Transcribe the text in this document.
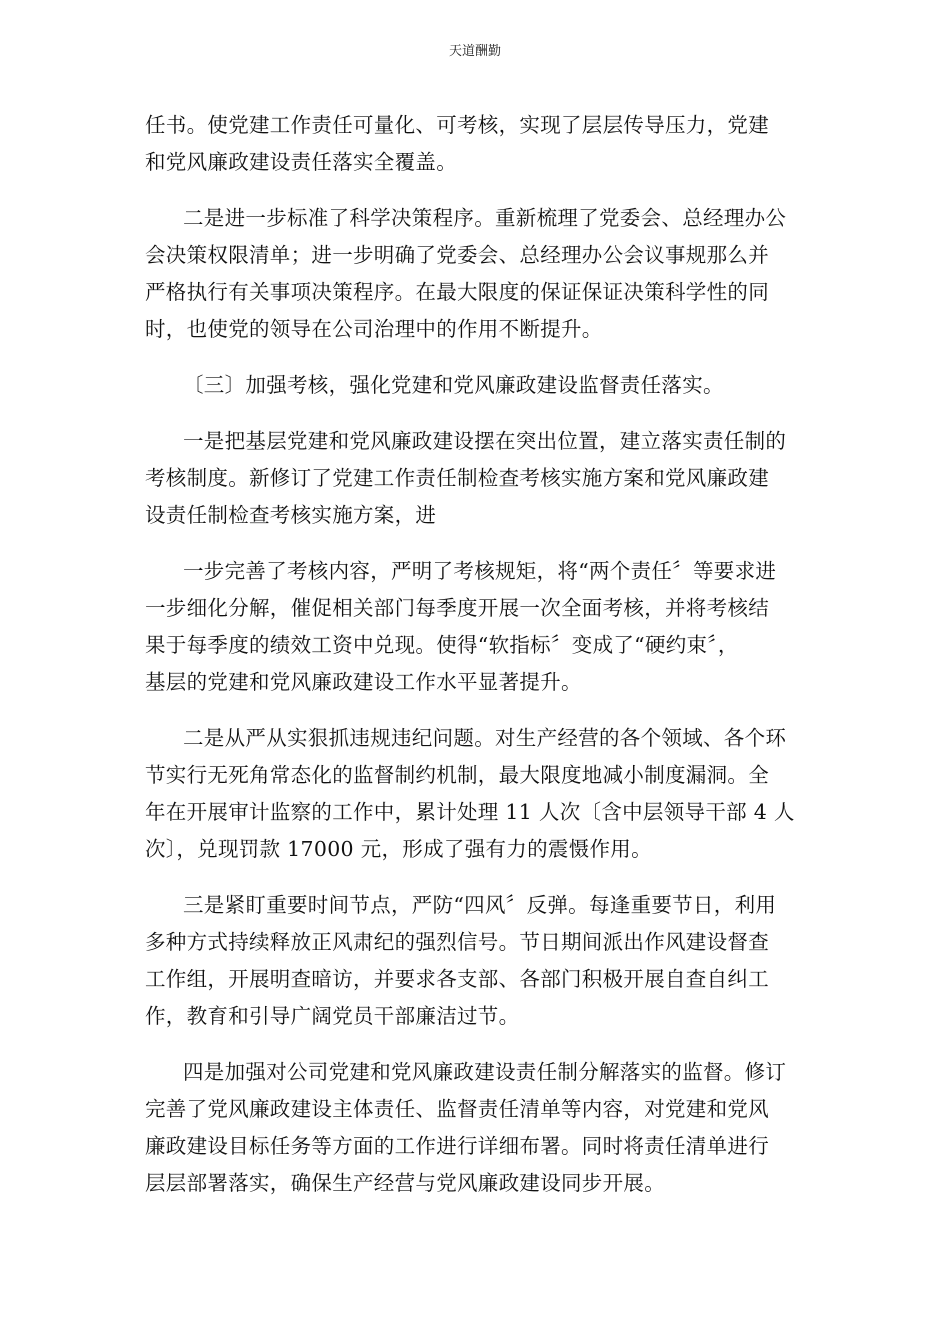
天道酬勤
任书。使党建工作责任可量化、可考核，实现了层层传导压力，党建
和党风廉政建设责任落实全覆盖。
二是进一步标准了科学决策程序。重新梳理了党委会、总经理办公
会决策权限清单；进一步明确了党委会、总经理办公会议事规那么并
严格执行有关事项决策程序。在最大限度的保证保证决策科学性的同
时，也使党的领导在公司治理中的作用不断提升。
〔三〕加强考核，强化党建和党风廉政建设监督责任落实。
一是把基层党建和党风廉政建设摆在突出位置，建立落实责任制的
考核制度。新修订了党建工作责任制检查考核实施方案和党风廉政建
设责任制检查考核实施方案，进
一步完善了考核内容，严明了考核规矩，将“两个责任〞等要求进
一步细化分解，催促相关部门每季度开展一次全面考核，并将考核结
果于每季度的绩效工资中兑现。使得“软指标〞变成了“硬约束〞，
基层的党建和党风廉政建设工作水平显著提升。
二是从严从实狠抓违规违纪问题。对生产经营的各个领域、各个环
节实行无死角常态化的监督制约机制，最大限度地减小制度漏洞。全
年在开展审计监察的工作中，累计处理 11 人次〔含中层领导干部 4 人
次〕，兑现罚款 17000 元，形成了强有力的震慑作用。
三是紧盯重要时间节点，严防“四风〞反弹。每逢重要节日，利用
多种方式持续释放正风肃纪的强烈信号。节日期间派出作风建设督查
工作组，开展明查暗访，并要求各支部、各部门积极开展自查自纠工
作，教育和引导广阔党员干部廉洁过节。
四是加强对公司党建和党风廉政建设责任制分解落实的监督。修订
完善了党风廉政建设主体责任、监督责任清单等内容，对党建和党风
廉政建设目标任务等方面的工作进行详细布署。同时将责任清单进行
层层部署落实，确保生产经营与党风廉政建设同步开展。
